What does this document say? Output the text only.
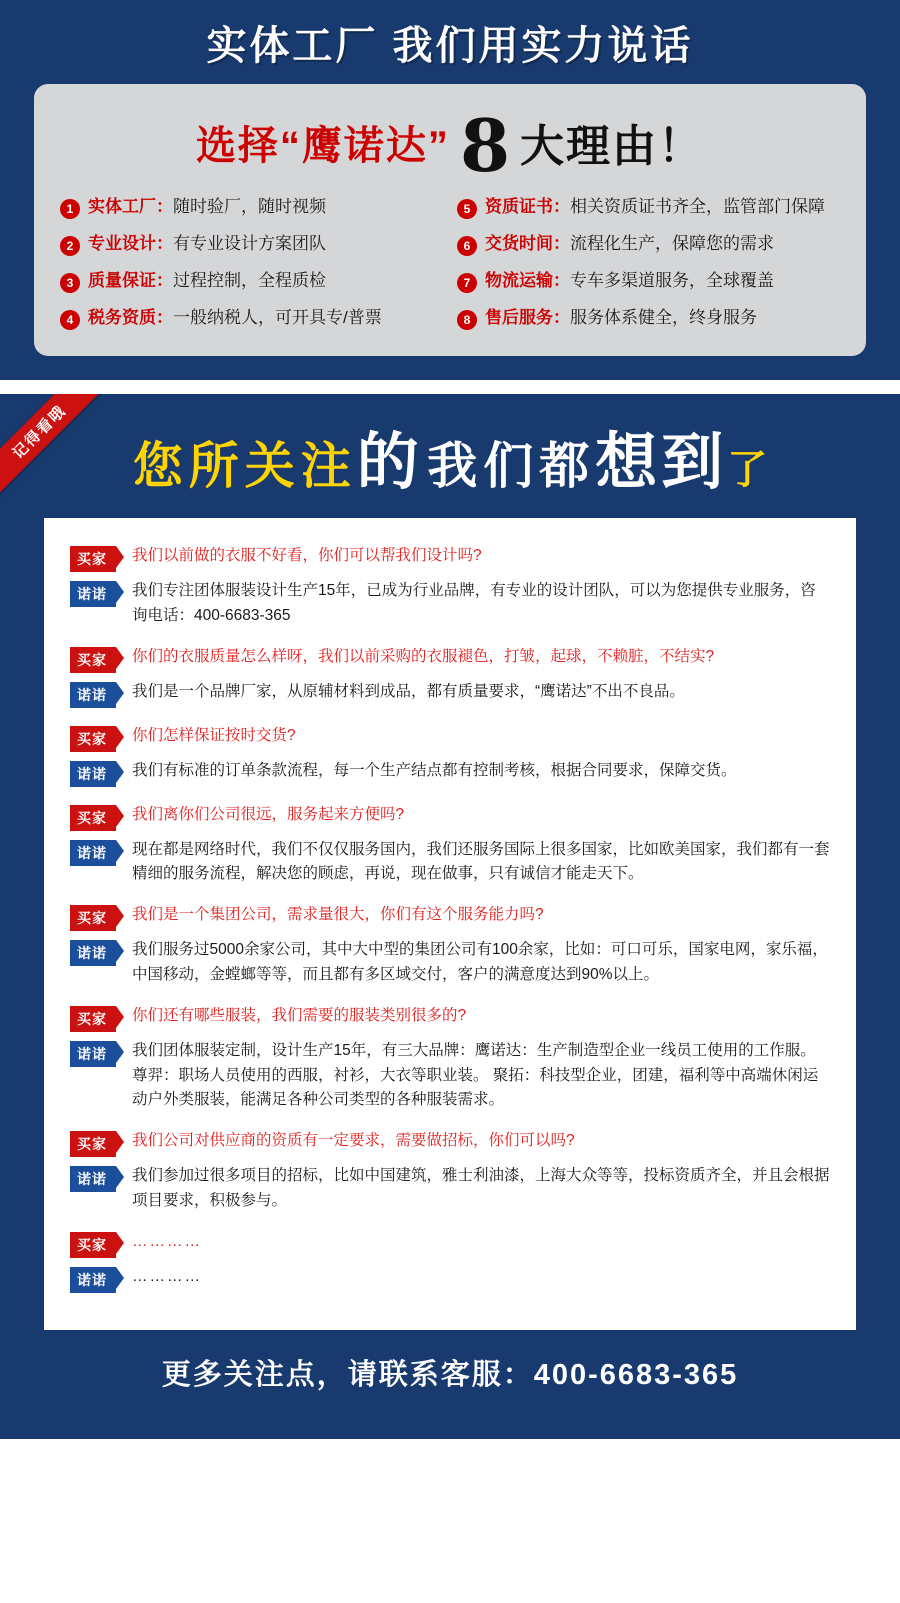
实体工厂 我们用实力说话
选择“鹰诺达” 8 大理由！
1 实体工厂：随时验厂，随时视频	5 资质证书：相关资质证书齐全，监管部门保障
2 专业设计：有专业设计方案团队	6 交货时间：流程化生产，保障您的需求
3 质量保证：过程控制，全程质检	7 物流运输：专车多渠道服务，全球覆盖
4 税务资质：一般纳税人，可开具专/普票	8 售后服务：服务体系健全，终身服务
记得看哦
您所关注的 我们都想到了
买家	我们以前做的衣服不好看，你们可以帮我们设计吗?
诺诺	我们专注团体服装设计生产15年，已成为行业品牌，有专业的设计团队，可以为您提供专业服务，咨询电话：400-6683-365
买家	你们的衣服质量怎么样呀，我们以前采购的衣服褪色，打皱，起球，不赖脏，不结实?
诺诺	我们是一个品牌厂家，从原辅材料到成品，都有质量要求，“鹰诺达”不出不良品。
买家	你们怎样保证按时交货?
诺诺	我们有标准的订单条款流程，每一个生产结点都有控制考核，根据合同要求，保障交货。
买家	我们离你们公司很远，服务起来方便吗?
诺诺	现在都是网络时代，我们不仅仅服务国内，我们还服务国际上很多国家，比如欧美国家，我们都有一套精细的服务流程，解决您的顾虑，再说，现在做事，只有诚信才能走天下。
买家	我们是一个集团公司，需求量很大，你们有这个服务能力吗?
诺诺	我们服务过5000余家公司，其中大中型的集团公司有100余家，比如：可口可乐，国家电网，家乐福，中国移动，金螳螂等等，而且都有多区域交付，客户的满意度达到90%以上。
买家	你们还有哪些服装，我们需要的服装类别很多的?
诺诺	我们团体服装定制，设计生产15年，有三大品牌：鹰诺达：生产制造型企业一线员工使用的工作服。尊羿：职场人员使用的西服，衬衫，大衣等职业装。 聚拓：科技型企业，团建，福利等中高端休闲运动户外类服装，能满足各种公司类型的各种服装需求。
买家	我们公司对供应商的资质有一定要求，需要做招标，你们可以吗?
诺诺	我们参加过很多项目的招标，比如中国建筑，雅士利油漆，上海大众等等，投标资质齐全，并且会根据项目要求，积极参与。
买家	…………
诺诺	…………
更多关注点，请联系客服：400-6683-365
